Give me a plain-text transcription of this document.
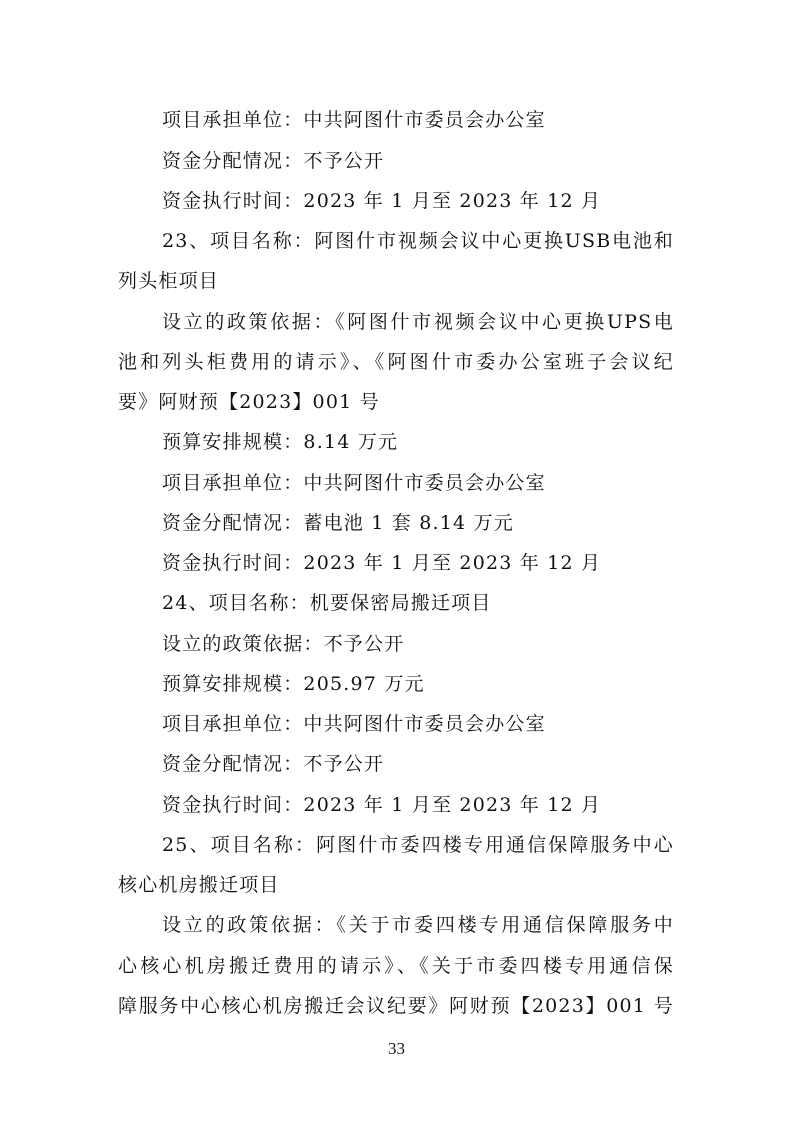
项目承担单位：中共阿图什市委员会办公室
资金分配情况：不予公开
资金执行时间：2023 年 1 月至 2023 年 12 月
23、项目名称：阿图什市视频会议中心更换USB电池和
列头柜项目
设立的政策依据：《阿图什市视频会议中心更换UPS电
池和列头柜费用的请示》、《阿图什市委办公室班子会议纪
要》阿财预【2023】001 号
预算安排规模：8.14 万元
项目承担单位：中共阿图什市委员会办公室
资金分配情况：蓄电池 1 套 8.14 万元
资金执行时间：2023 年 1 月至 2023 年 12 月
24、项目名称：机要保密局搬迁项目
设立的政策依据：不予公开
预算安排规模：205.97 万元
项目承担单位：中共阿图什市委员会办公室
资金分配情况：不予公开
资金执行时间：2023 年 1 月至 2023 年 12 月
25、项目名称：阿图什市委四楼专用通信保障服务中心
核心机房搬迁项目
设立的政策依据：《关于市委四楼专用通信保障服务中
心核心机房搬迁费用的请示》、《关于市委四楼专用通信保
障服务中心核心机房搬迁会议纪要》阿财预【2023】001 号
33
